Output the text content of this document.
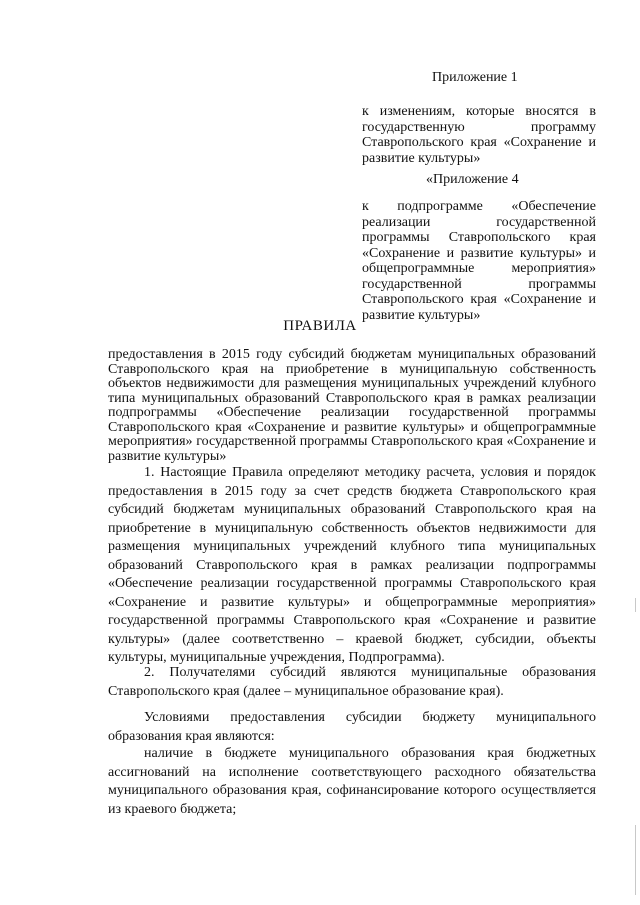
Приложение 1
к изменениям, которые вносятся в государственную программу Ставропольского края «Сохранение и развитие культуры»
«Приложение 4
к подпрограмме «Обеспечение реализации государственной программы Ставропольского края «Сохранение и развитие культуры» и общепрограммные мероприятия» государственной программы Ставропольского края «Сохранение и развитие культуры»
ПРАВИЛА
предоставления в 2015 году субсидий бюджетам муниципальных образований Ставропольского края на приобретение в муниципальную собственность объектов недвижимости для размещения муниципальных учреждений клубного типа муниципальных образований Ставропольского края в рамках реализации подпрограммы «Обеспечение реализации государственной программы Ставропольского края «Сохранение и развитие культуры» и общепрограммные мероприятия» государственной программы Ставропольского края «Сохранение и развитие культуры»

1. Настоящие Правила определяют методику расчета, условия и порядок предоставления в 2015 году за счет средств бюджета Ставропольского края субсидий бюджетам муниципальных образований Ставропольского края на приобретение в муниципальную собственность объектов недвижимости для размещения муниципальных учреждений клубного типа муниципальных образований Ставропольского края в рамках реализации подпрограммы «Обеспечение реализации государственной программы Ставропольского края «Сохранение и развитие культуры» и общепрограммные мероприятия» государственной программы Ставропольского края «Сохранение и развитие культуры» (далее соответственно – краевой бюджет, субсидии, объекты культуры, муниципальные учреждения, Подпрограмма).

2. Получателями субсидий являются муниципальные образования Ставропольского края (далее – муниципальное образование края).

Условиями предоставления субсидии бюджету муниципального образования края являются:

наличие в бюджете муниципального образования края бюджетных ассигнований на исполнение соответствующего расходного обязательства муниципального образования края, софинансирование которого осуществляется из краевого бюджета;
